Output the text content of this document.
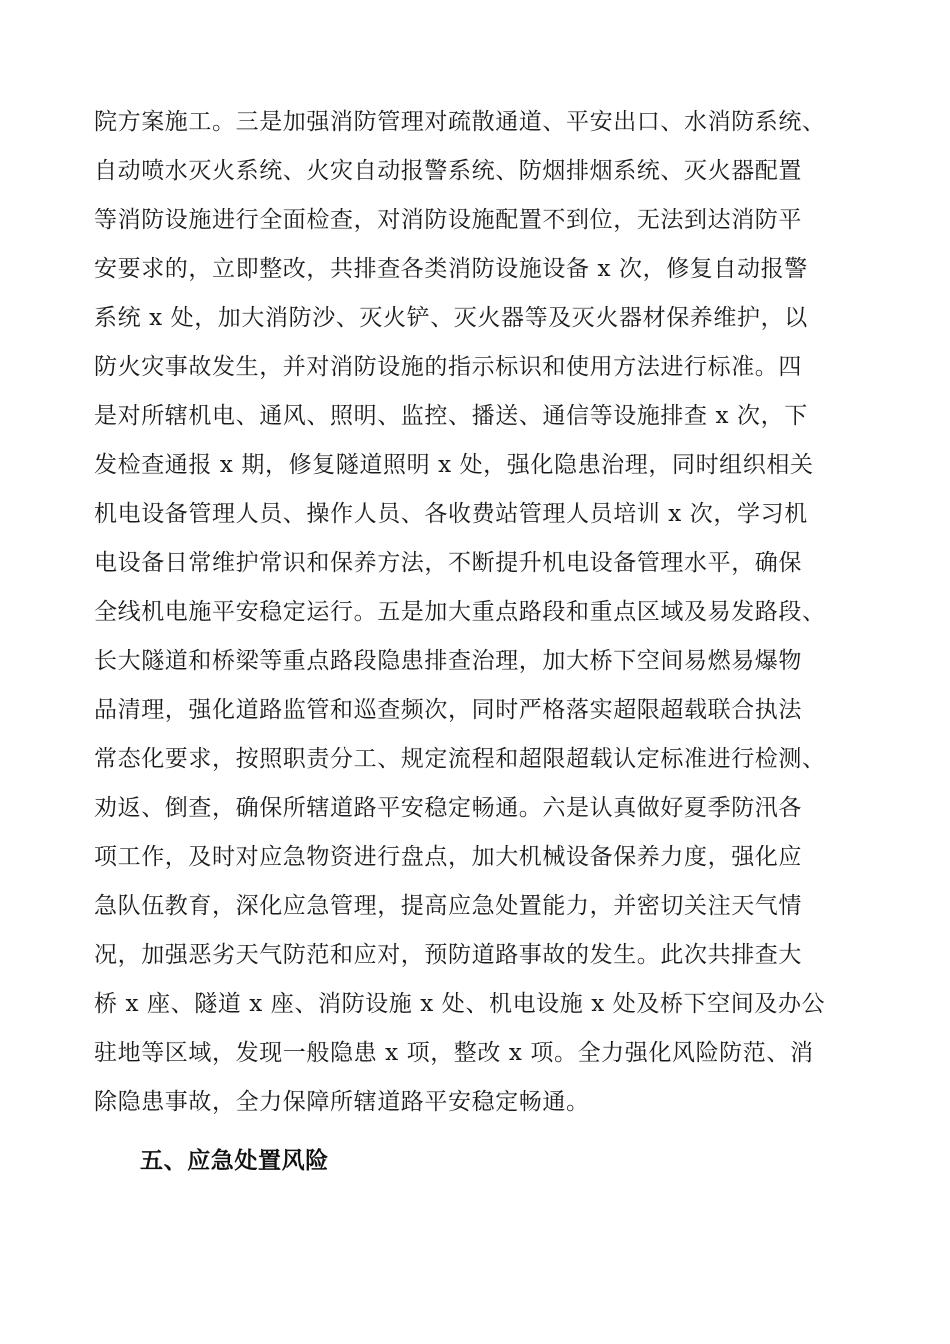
院方案施工。三是加强消防管理对疏散通道、平安出口、水消防系统、
自动喷水灭火系统、火灾自动报警系统、防烟排烟系统、灭火器配置
等消防设施进行全面检查，对消防设施配置不到位，无法到达消防平
安要求的，立即整改，共排查各类消防设施设备 x 次，修复自动报警
系统 x 处，加大消防沙、灭火铲、灭火器等及灭火器材保养维护，以
防火灾事故发生，并对消防设施的指示标识和使用方法进行标准。四
是对所辖机电、通风、照明、监控、播送、通信等设施排查 x 次，下
发检查通报 x 期，修复隧道照明 x 处，强化隐患治理，同时组织相关
机电设备管理人员、操作人员、各收费站管理人员培训 x 次，学习机
电设备日常维护常识和保养方法，不断提升机电设备管理水平，确保
全线机电施平安稳定运行。五是加大重点路段和重点区域及易发路段、
长大隧道和桥梁等重点路段隐患排查治理，加大桥下空间易燃易爆物
品清理，强化道路监管和巡查频次，同时严格落实超限超载联合执法
常态化要求，按照职责分工、规定流程和超限超载认定标准进行检测、
劝返、倒查，确保所辖道路平安稳定畅通。六是认真做好夏季防汛各
项工作，及时对应急物资进行盘点，加大机械设备保养力度，强化应
急队伍教育，深化应急管理，提高应急处置能力，并密切关注天气情
况，加强恶劣天气防范和应对，预防道路事故的发生。此次共排查大
桥 x 座、隧道 x 座、消防设施 x 处、机电设施 x 处及桥下空间及办公
驻地等区域，发现一般隐患 x 项，整改 x 项。全力强化风险防范、消
除隐患事故，全力保障所辖道路平安稳定畅通。
五、应急处置风险
